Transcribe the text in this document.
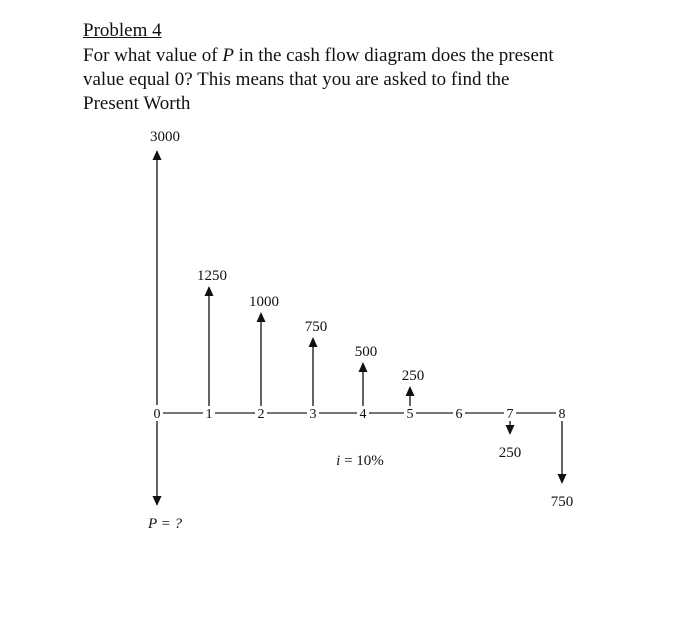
Problem 4
For what value of P in the cash flow diagram does the present
value equal 0? This means that you are asked to find the
Present Worth
0	1	2	3	4	5	6	7	8
3000
P = ?
1250
1000
750
500
250
250
750
i = 10%
